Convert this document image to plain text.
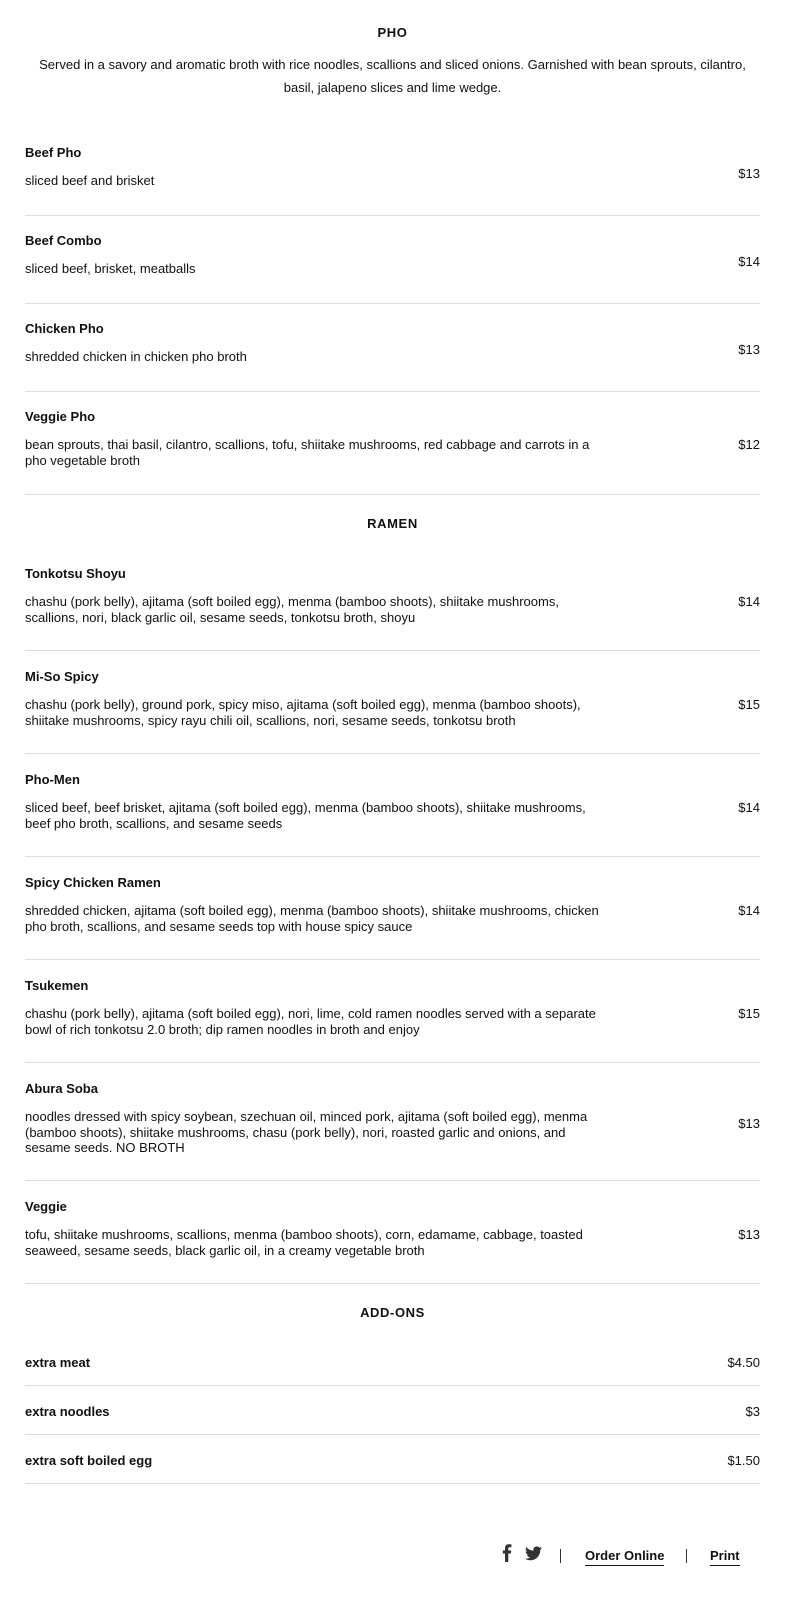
PHO

Served in a savory and aromatic broth with rice noodles, scallions and sliced onions. Garnished with bean sprouts, cilantro, basil, jalapeno slices and lime wedge.

Beef Pho

sliced beef and brisket	$13

Beef Combo

sliced beef, brisket, meatballs	$14

Chicken Pho

shredded chicken in chicken pho broth	$13

Veggie Pho

bean sprouts, thai basil, cilantro, scallions, tofu, shiitake mushrooms, red cabbage and carrots in a pho vegetable broth

$12

RAMEN

Tonkotsu Shoyu

chashu (pork belly), ajitama (soft boiled egg), menma (bamboo shoots), shiitake mushrooms, scallions, nori, black garlic oil, sesame seeds, tonkotsu broth, shoyu

$14

Mi-So Spicy

chashu (pork belly), ground pork, spicy miso, ajitama (soft boiled egg), menma (bamboo shoots), shiitake mushrooms, spicy rayu chili oil, scallions, nori, sesame seeds, tonkotsu broth

$15

Pho-Men

sliced beef, beef brisket, ajitama (soft boiled egg), menma (bamboo shoots), shiitake mushrooms, beef pho broth, scallions, and sesame seeds

$14

Spicy Chicken Ramen

shredded chicken, ajitama (soft boiled egg), menma (bamboo shoots), shiitake mushrooms, chicken pho broth, scallions, and sesame seeds top with house spicy sauce

$14

Tsukemen

chashu (pork belly), ajitama (soft boiled egg), nori, lime, cold ramen noodles served with a separate bowl of rich tonkotsu 2.0 broth; dip ramen noodles in broth and enjoy

$15

Abura Soba

noodles dressed with spicy soybean, szechuan oil, minced pork, ajitama (soft boiled egg), menma (bamboo shoots), shiitake mushrooms, chasu (pork belly), nori, roasted garlic and onions, and sesame seeds. NO BROTH

$13

Veggie

tofu, shiitake mushrooms, scallions, menma (bamboo shoots), corn, edamame, cabbage, toasted seaweed, sesame seeds, black garlic oil, in a creamy vegetable broth

$13

ADD-ONS

extra meat	$4.50

extra noodles	$3

extra soft boiled egg	$1.50

Order Online	Print
